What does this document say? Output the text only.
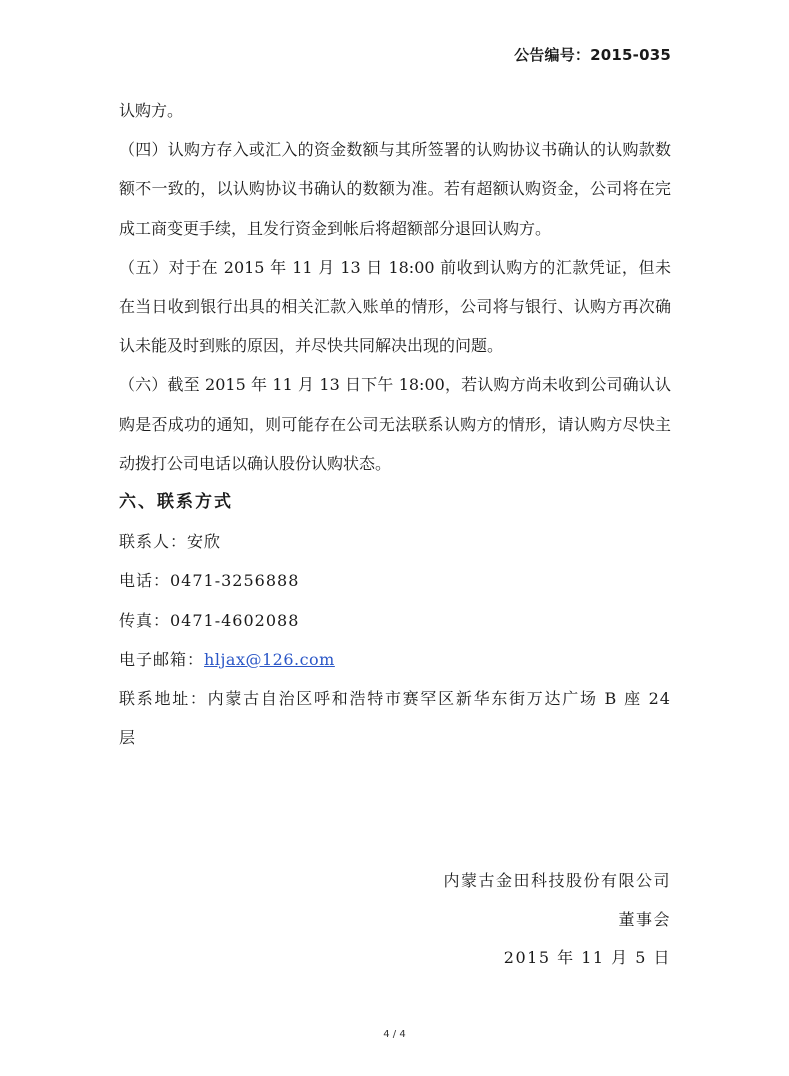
公告编号：2015-035

认购方。

（四）认购方存入或汇入的资金数额与其所签署的认购协议书确认的认购款数额不一致的，以认购协议书确认的数额为准。若有超额认购资金，公司将在完成工商变更手续，且发行资金到帐后将超额部分退回认购方。

（五）对于在 2015 年 11 月 13 日 18:00 前收到认购方的汇款凭证，但未在当日收到银行出具的相关汇款入账单的情形，公司将与银行、认购方再次确认未能及时到账的原因，并尽快共同解决出现的问题。

（六）截至 2015 年 11 月 13 日下午 18:00，若认购方尚未收到公司确认认购是否成功的通知，则可能存在公司无法联系认购方的情形，请认购方尽快主动拨打公司电话以确认股份认购状态。

六、联系方式

联系人：安欣

电话：0471-3256888

传真：0471-4602088

电子邮箱：hljax@126.com

联系地址：内蒙古自治区呼和浩特市赛罕区新华东街万达广场 B 座 24 层

内蒙古金田科技股份有限公司
董事会
2015 年 11 月 5 日
4 / 4
